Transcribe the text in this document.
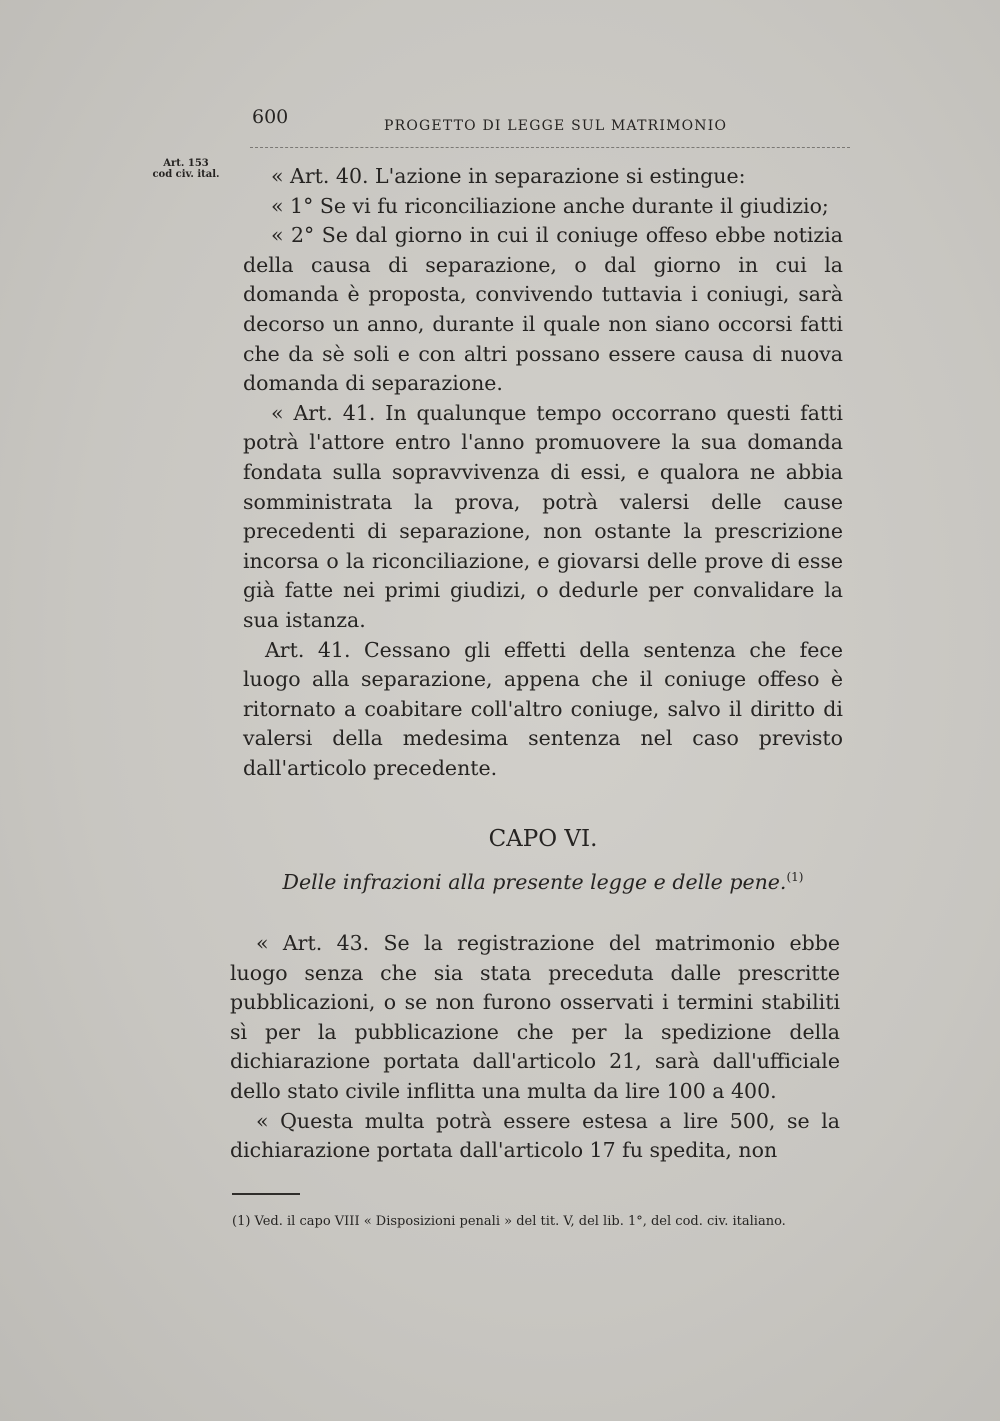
600	PROGETTO DI LEGGE SUL MATRIMONIO
Art. 153
cod civ. ital.	« Art. 40. L'azione in separazione si estingue:

« 1° Se vi fu riconciliazione anche durante il giudizio;

« 2° Se dal giorno in cui il coniuge offeso ebbe notizia della causa di separazione, o dal giorno in cui la domanda è proposta, convivendo tuttavia i coniugi, sarà decorso un anno, durante il quale non siano occorsi fatti che da sè soli e con altri possano essere causa di nuova domanda di separazione.

« Art. 41. In qualunque tempo occorrano questi fatti potrà l'attore entro l'anno promuovere la sua domanda fondata sulla sopravvivenza di essi, e qualora ne abbia somministrata la prova, potrà valersi delle cause precedenti di separazione, non ostante la prescrizione incorsa o la riconciliazione, e giovarsi delle prove di esse già fatte nei primi giudizi, o dedurle per convalidare la sua istanza.

Art. 41. Cessano gli effetti della sentenza che fece luogo alla separazione, appena che il coniuge offeso è ritornato a coabitare coll'altro coniuge, salvo il diritto di valersi della medesima sentenza nel caso previsto dall'articolo precedente.

CAPO VI.
Delle infrazioni alla presente legge e delle pene.$^{(1)}$

« Art. 43. Se la registrazione del matrimonio ebbe luogo senza che sia stata preceduta dalle prescritte pubblicazioni, o se non furono osservati i termini stabiliti sì per la pubblicazione che per la spedizione della dichiarazione portata dall'articolo 21, sarà dall'ufficiale dello stato civile inflitta una multa da lire 100 a 400.

« Questa multa potrà essere estesa a lire 500, se la dichiarazione portata dall'articolo 17 fu spedita, non

(1) Ved. il capo VIII « Disposizioni penali » del tit. V, del lib. 1°, del cod. civ. italiano.
